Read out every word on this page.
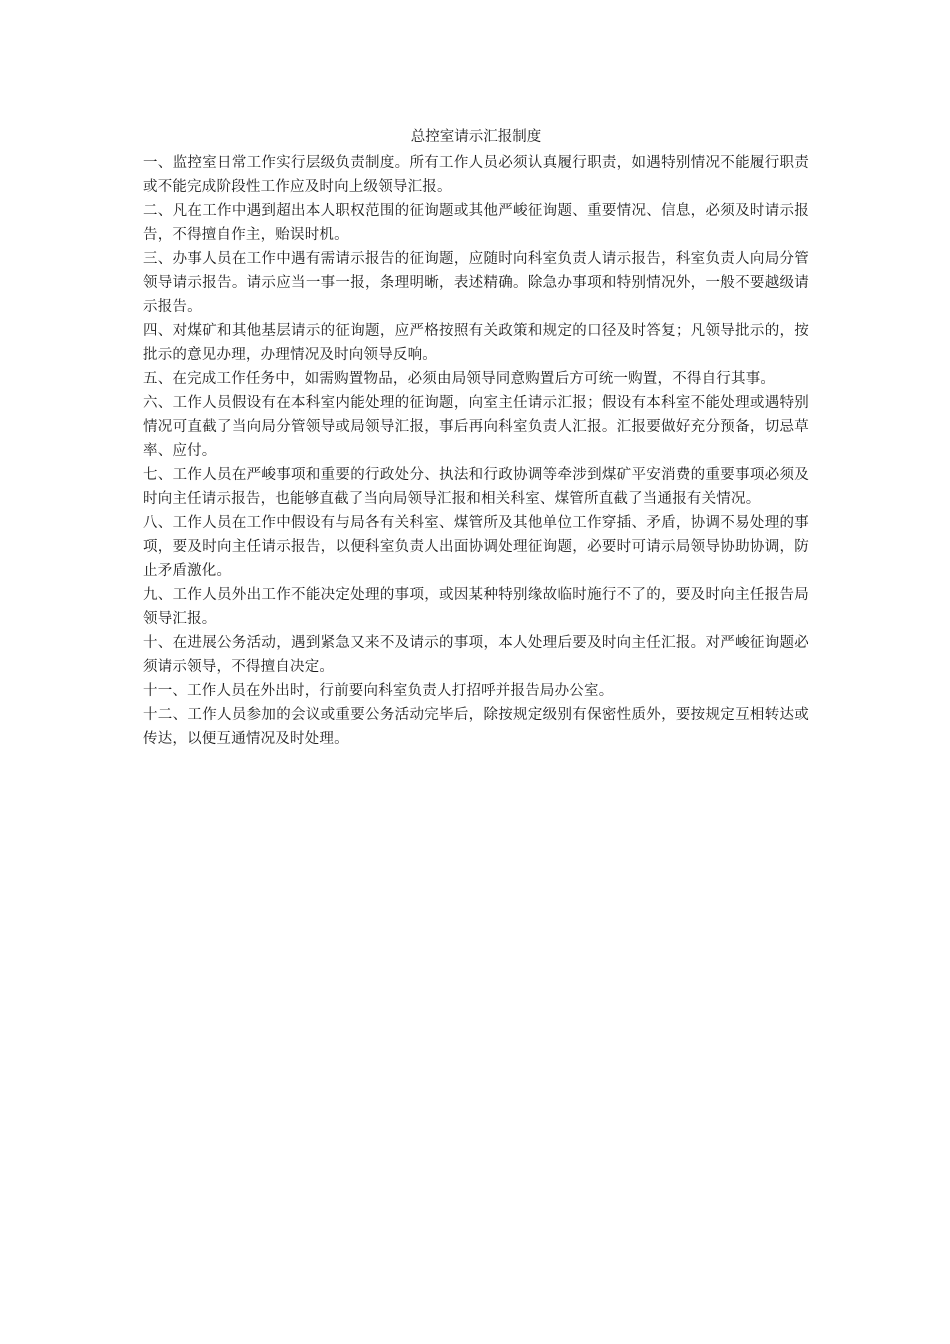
总控室请示汇报制度

一、监控室日常工作实行层级负责制度。所有工作人员必须认真履行职责，如遇特别情况不能履行职责或不能完成阶段性工作应及时向上级领导汇报。

二、凡在工作中遇到超出本人职权范围的征询题或其他严峻征询题、重要情况、信息，必须及时请示报告，不得擅自作主，贻误时机。

三、办事人员在工作中遇有需请示报告的征询题，应随时向科室负责人请示报告，科室负责人向局分管领导请示报告。请示应当一事一报，条理明晰，表述精确。除急办事项和特别情况外，一般不要越级请示报告。

四、对煤矿和其他基层请示的征询题，应严格按照有关政策和规定的口径及时答复；凡领导批示的，按批示的意见办理，办理情况及时向领导反响。

五、在完成工作任务中，如需购置物品，必须由局领导同意购置后方可统一购置，不得自行其事。

六、工作人员假设有在本科室内能处理的征询题，向室主任请示汇报；假设有本科室不能处理或遇特别情况可直截了当向局分管领导或局领导汇报，事后再向科室负责人汇报。汇报要做好充分预备，切忌草率、应付。

七、工作人员在严峻事项和重要的行政处分、执法和行政协调等牵涉到煤矿平安消费的重要事项必须及时向主任请示报告，也能够直截了当向局领导汇报和相关科室、煤管所直截了当通报有关情况。

八、工作人员在工作中假设有与局各有关科室、煤管所及其他单位工作穿插、矛盾，协调不易处理的事项，要及时向主任请示报告，以便科室负责人出面协调处理征询题，必要时可请示局领导协助协调，防止矛盾激化。

九、工作人员外出工作不能决定处理的事项，或因某种特别缘故临时施行不了的，要及时向主任报告局领导汇报。

十、在进展公务活动，遇到紧急又来不及请示的事项，本人处理后要及时向主任汇报。对严峻征询题必须请示领导，不得擅自决定。

十一、工作人员在外出时，行前要向科室负责人打招呼并报告局办公室。

十二、工作人员参加的会议或重要公务活动完毕后，除按规定级别有保密性质外，要按规定互相转达或传达，以便互通情况及时处理。
